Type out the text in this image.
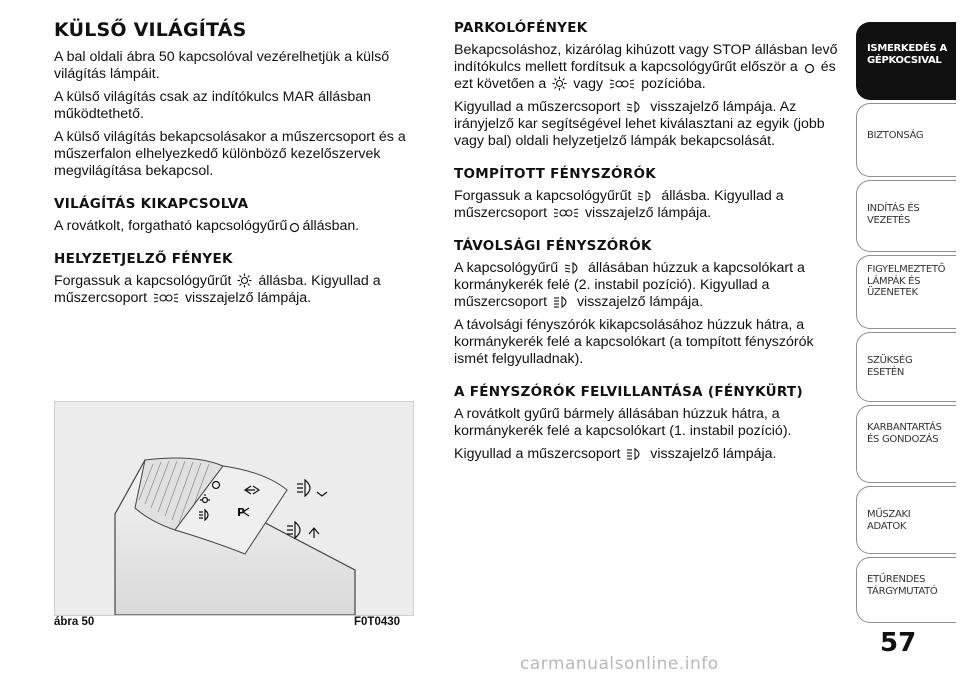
KÜLSŐ VILÁGÍTÁS

A bal oldali ábra 50 kapcsolóval vezérelhetjük a külső világítás lámpáit.

A külső világítás csak az indítókulcs MAR állásban működtethető.

A külső világítás bekapcsolásakor a műszercsoport és a műszerfalon elhelyezkedő különböző kezelőszervek megvilágítása bekapcsol.

VILÁGÍTÁS KIKAPCSOLVA

A rovátkolt, forgatható kapcsológyűrű állásban.

HELYZETJELZŐ FÉNYEK

Forgassuk a kapcsológyűrűt állásba. Kigyullad a műszercsoport	visszajelző lámpája.

P
ábra 50	F0T0430
PARKOLÓFÉNYEK

Bekapcsoláshoz, kizárólag kihúzott vagy STOP állásban levő indítókulcs mellett fordítsuk a kapcsológyűrűt először a és ezt követően a vagy	pozícióba.

Kigyullad a műszercsoport visszajelző lámpája. Az irányjelző kar segítségével lehet kiválasztani az egyik (jobb vagy bal) oldali helyzetjelző lámpák bekapcsolását.

TOMPÍTOTT FÉNYSZÓRÓK

Forgassuk a kapcsológyűrűt állásba. Kigyullad a műszercsoport	visszajelző lámpája.

TÁVOLSÁGI FÉNYSZÓRÓK

A kapcsológyűrű állásában húzzuk a kapcsolókart a kormánykerék felé (2. instabil pozíció). Kigyullad a műszercsoport visszajelző lámpája.

A távolsági fényszórók kikapcsolásához húzzuk hátra, a kormánykerék felé a kapcsolókart (a tompított fényszórók ismét felgyulladnak).

A FÉNYSZÓRÓK FELVILLANTÁSA (FÉNYKÜRT)

A rovátkolt gyűrű bármely állásában húzzuk hátra, a kormánykerék felé a kapcsolókart (1. instabil pozíció).

Kigyullad a műszercsoport visszajelző lámpája.

ISMERKEDÉS A GÉPKOCSIVAL
BIZTONSÁG
INDÍTÁS ÉS VEZETÉS
FIGYELMEZTETŐ LÁMPÁK ÉS ÜZENETEK
SZÜKSÉG ESETÉN
KARBANTARTÁS ÉS GONDOZÁS
MŰSZAKI ADATOK
ETŰRENDES TÁRGYMUTATÓ
57
carmanualsonline.info
